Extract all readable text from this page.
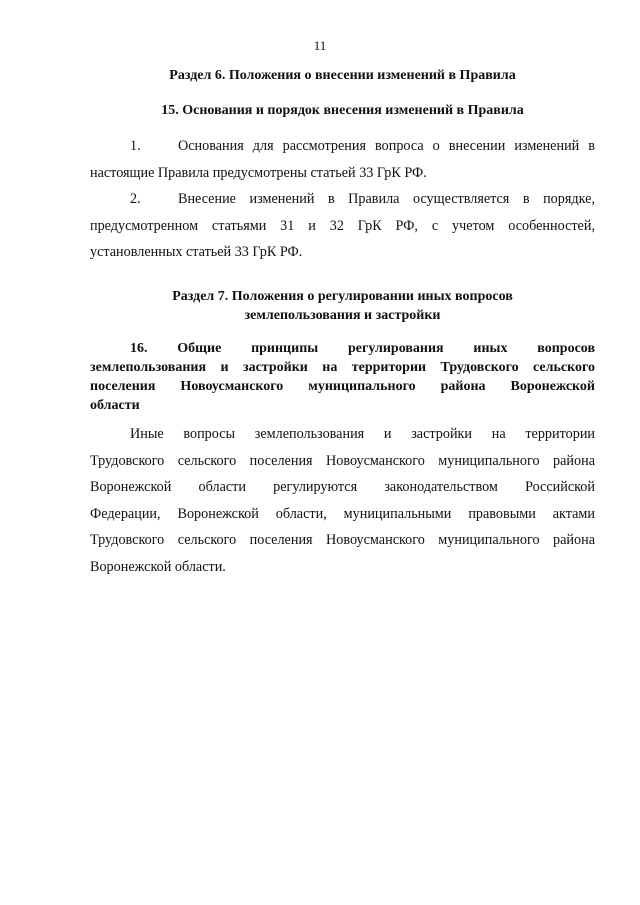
11
Раздел 6. Положения о внесении изменений в Правила
15. Основания и порядок внесения изменений в Правила
1.	Основания для рассмотрения вопроса о внесении изменений в
настоящие Правила предусмотрены статьей 33 ГрК РФ.
2.	Внесение изменений в Правила осуществляется в порядке,
предусмотренном статьями 31 и 32 ГрК РФ, с учетом особенностей,
установленных статьей 33 ГрК РФ.
Раздел 7. Положения о регулировании иных вопросов
землепользования и застройки
16.    Общие    принципы    регулирования    иных    вопросов
землепользования и застройки на территории Трудовского сельского
поселения Новоусманского муниципального района Воронежской
области
Иные вопросы землепользования и застройки на территории
Трудовского сельского поселения Новоусманского муниципального района
Воронежской области регулируются законодательством Российской
Федерации, Воронежской области, муниципальными правовыми актами
Трудовского сельского поселения Новоусманского муниципального района
Воронежской области.
